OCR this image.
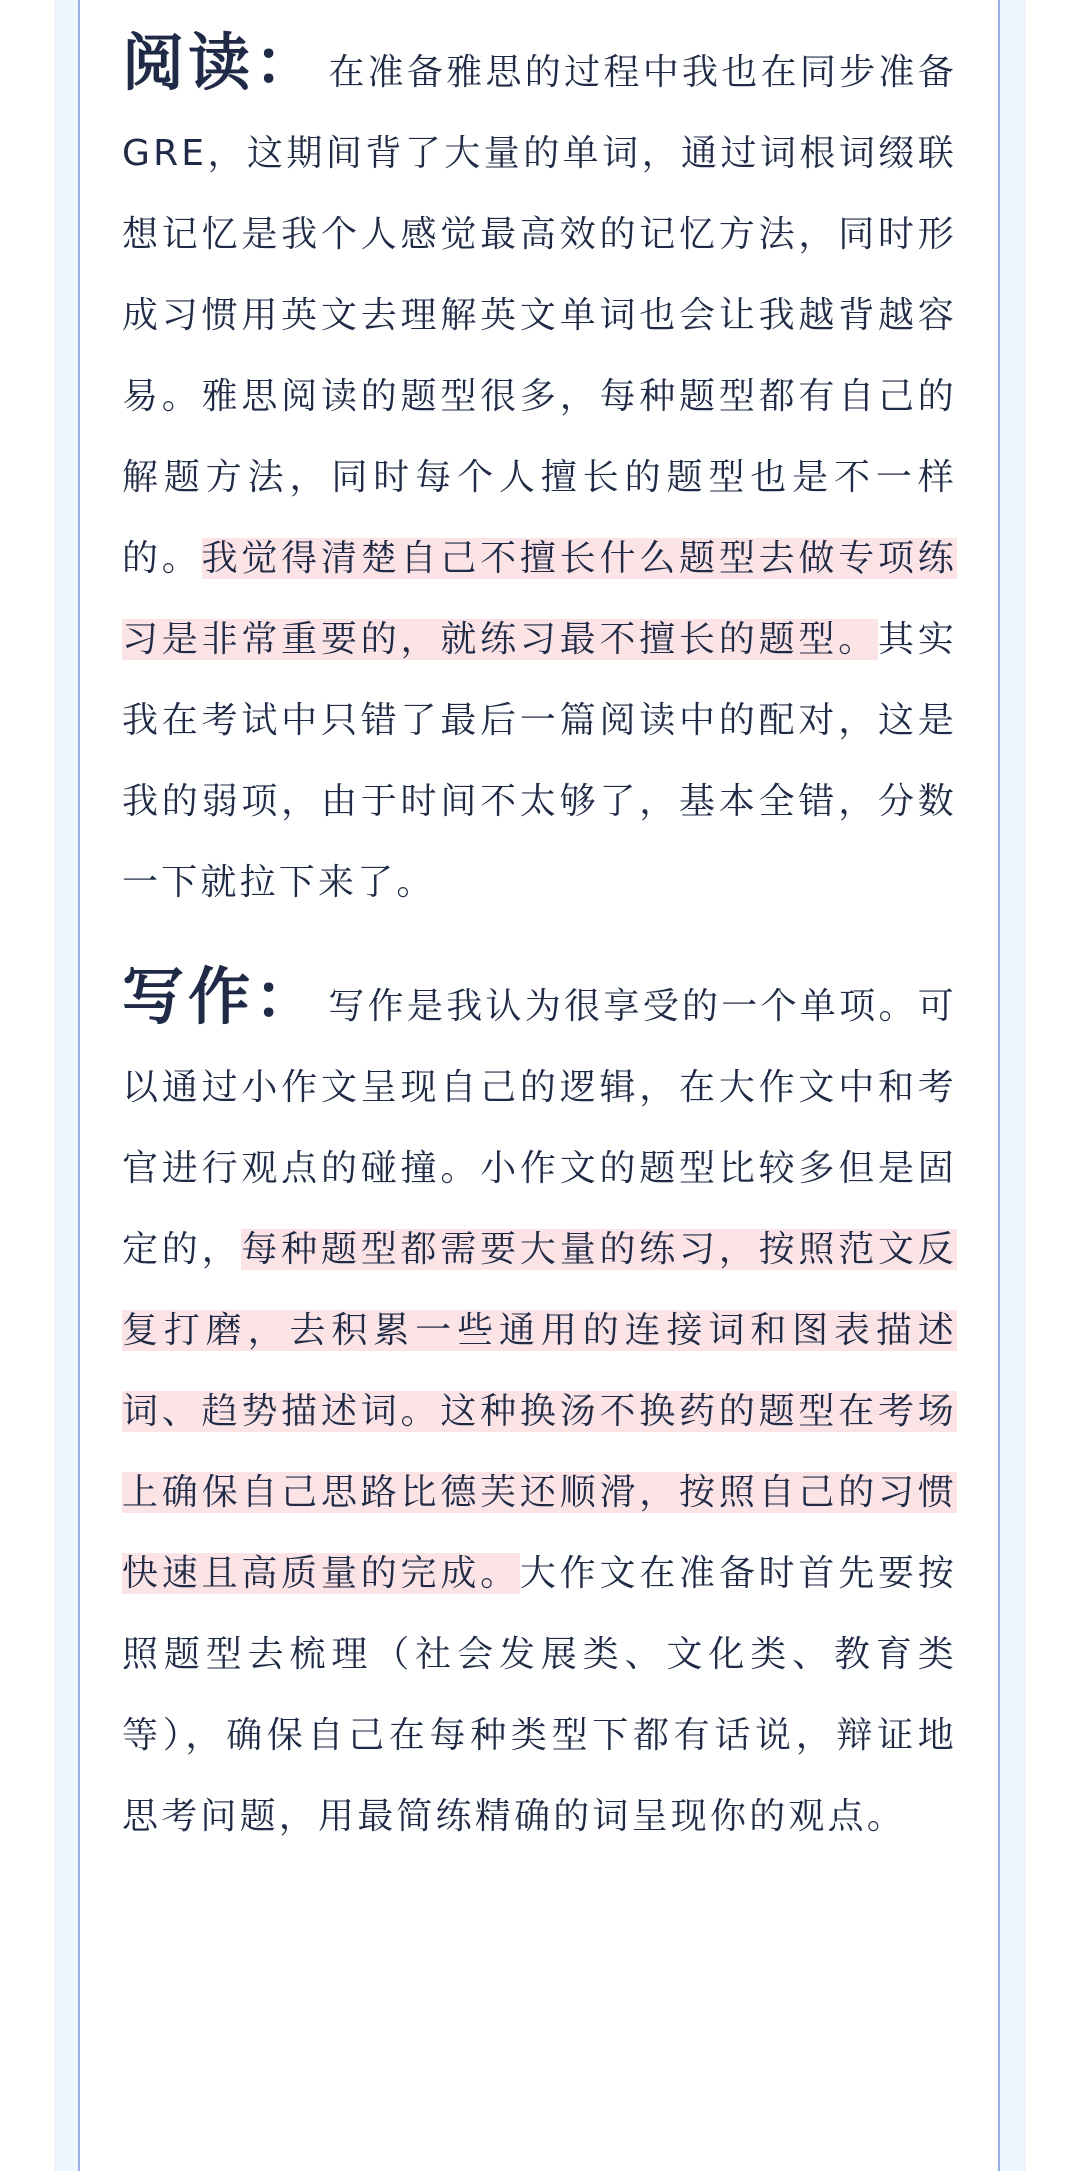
阅读： 在准备雅思的过程中我也在同步准备GRE，这期间背了大量的单词，通过词根词缀联想记忆是我个人感觉最高效的记忆方法，同时形成习惯用英文去理解英文单词也会让我越背越容易。雅思阅读的题型很多，每种题型都有自己的解题方法，同时每个人擅长的题型也是不一样的。我觉得清楚自己不擅长什么题型去做专项练习是非常重要的，就练习最不擅长的题型。其实我在考试中只错了最后一篇阅读中的配对，这是我的弱项，由于时间不太够了，基本全错，分数一下就拉下来了。

写作： 写作是我认为很享受的一个单项。可以通过小作文呈现自己的逻辑，在大作文中和考官进行观点的碰撞。小作文的题型比较多但是固定的，每种题型都需要大量的练习，按照范文反复打磨，去积累一些通用的连接词和图表描述词、趋势描述词。这种换汤不换药的题型在考场上确保自己思路比德芙还顺滑，按照自己的习惯快速且高质量的完成。大作文在准备时首先要按照题型去梳理（社会发展类、文化类、教育类等），确保自己在每种类型下都有话说，辩证地思考问题，用最简练精确的词呈现你的观点。
